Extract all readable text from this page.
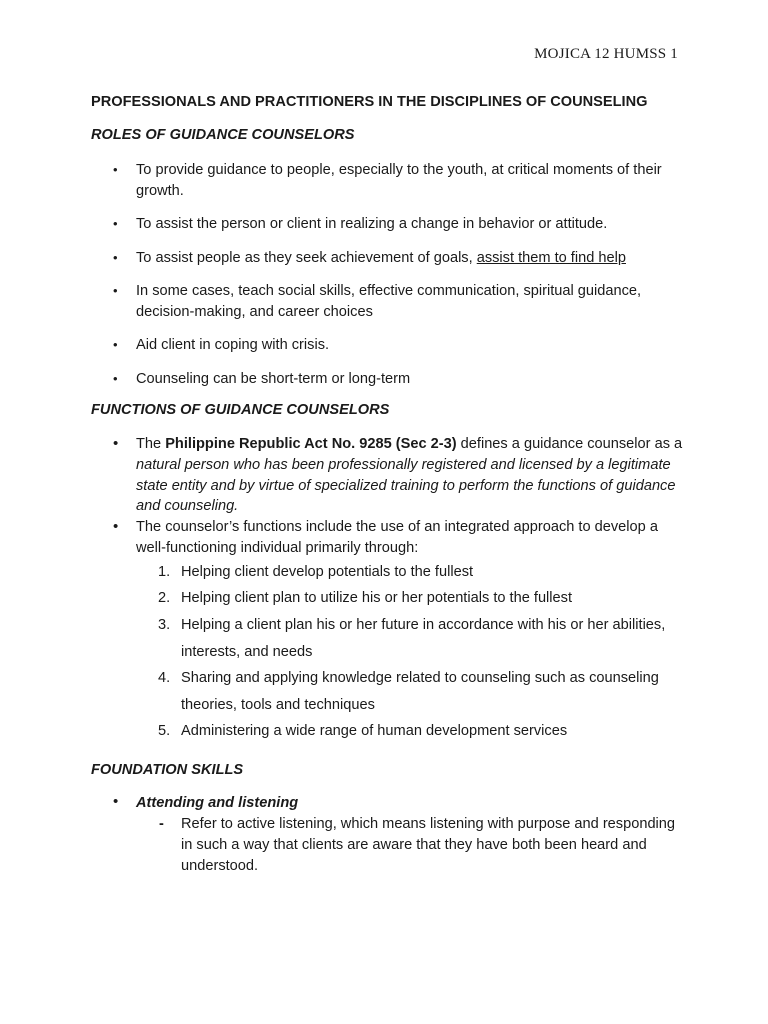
MOJICA 12 HUMSS 1
PROFESSIONALS AND PRACTITIONERS IN THE DISCIPLINES OF COUNSELING
ROLES OF GUIDANCE COUNSELORS
• To provide guidance to people, especially to the youth, at critical moments of their growth.
• To assist the person or client in realizing a change in behavior or attitude.
• To assist people as they seek achievement of goals, assist them to find help
• In some cases, teach social skills, effective communication, spiritual guidance, decision-making, and career choices
• Aid client in coping with crisis.
• Counseling can be short-term or long-term
FUNCTIONS OF GUIDANCE COUNSELORS
• The Philippine Republic Act No. 9285 (Sec 2-3) defines a guidance counselor as a natural person who has been professionally registered and licensed by a legitimate state entity and by virtue of specialized training to perform the functions of guidance and counseling.
• The counselor’s functions include the use of an integrated approach to develop a well-functioning individual primarily through:
1. Helping client develop potentials to the fullest
2. Helping client plan to utilize his or her potentials to the fullest
3. Helping a client plan his or her future in accordance with his or her abilities, interests, and needs
4. Sharing and applying knowledge related to counseling such as counseling theories, tools and techniques
5. Administering a wide range of human development services
FOUNDATION SKILLS
• Attending and listening
- Refer to active listening, which means listening with purpose and responding in such a way that clients are aware that they have both been heard and understood.
